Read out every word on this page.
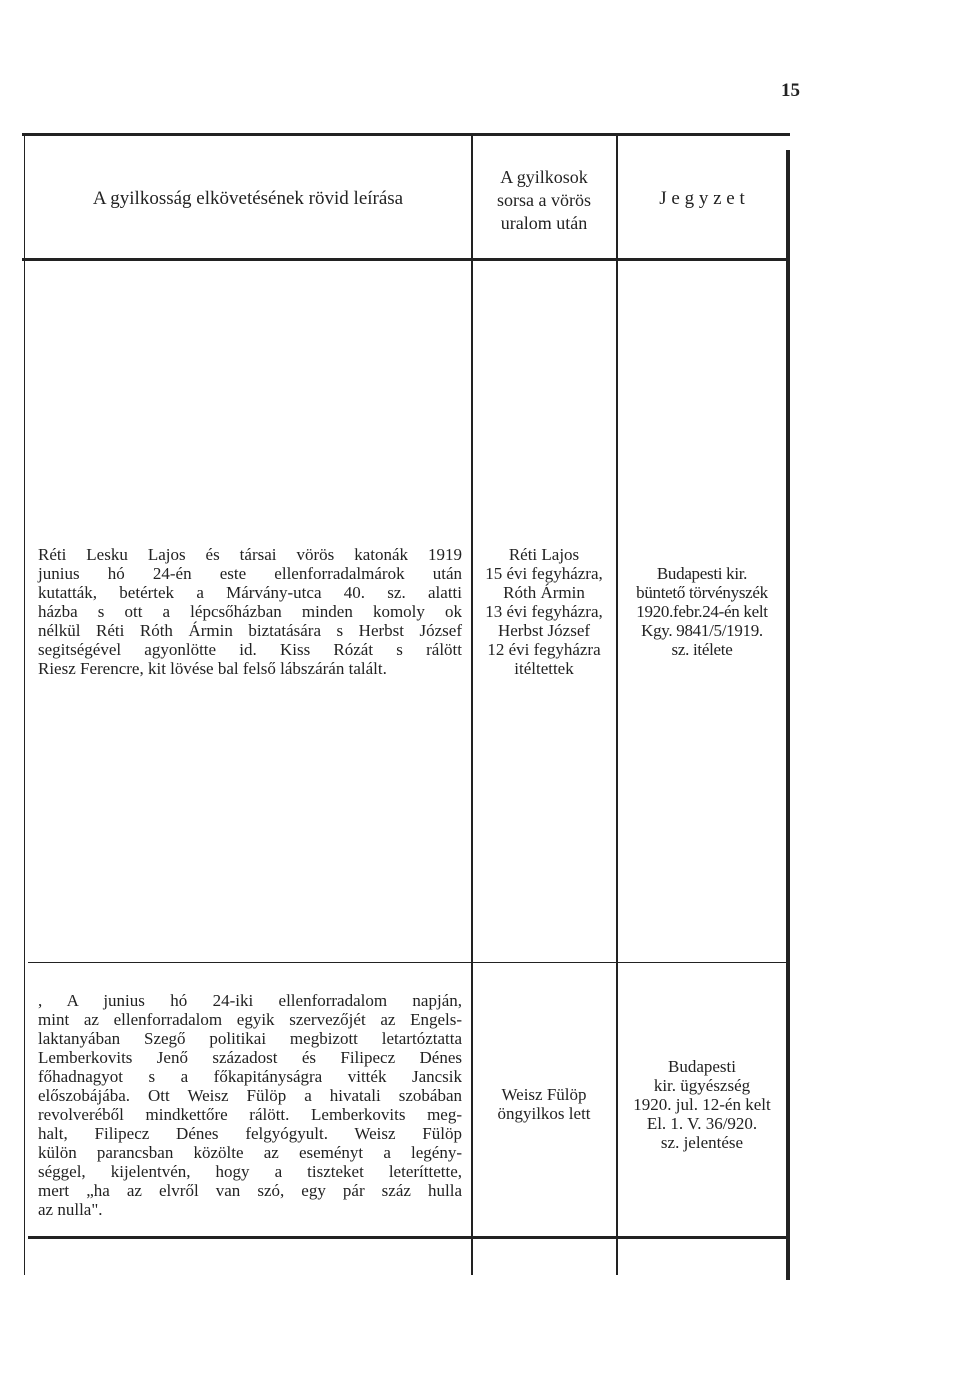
15
A gyilkosság elkövetésének rövid leírása
A gyilkosok
sorsa a vörös
uralom után
J e g y z e t
Réti Lesku Lajos és társai vörös katonák 1919
junius hó 24-én este ellenforradalmárok után
kutatták, betértek a Márvány-utca 40. sz. alatti
házba s ott a lépcsőházban minden komoly ok
nélkül Réti Róth Ármin biztatására s Herbst József
segitségével agyonlötte id. Kiss Rózát s rálött
Riesz Ferencre, kit lövése bal felső lábszárán talált.
Réti Lajos
15 évi fegyházra,
Róth Ármin
13 évi fegyházra,
Herbst József
12 évi fegyházra
itéltettek
Budapesti kir.
büntető törvényszék
1920.febr.24-én kelt
Kgy. 9841/5/1919.
sz. itélete
, A junius hó 24-iki ellenforradalom napján,
mint az ellenforradalom egyik szervezőjét az Engels-
laktanyában Szegő politikai megbizott letartóztatta
Lemberkovits Jenő századost és Filipecz Dénes
főhadnagyot s a főkapitányságra vitték Jancsik
előszobájába. Ott Weisz Fülöp a hivatali szobában
revolveréből mindkettőre rálött. Lemberkovits meg-
halt, Filipecz Dénes felgyógyult. Weisz Fülöp
külön parancsban közölte az eseményt a legény-
séggel, kijelentvén, hogy a tiszteket leteríttette,
mert „ha az elvről van szó, egy pár száz hulla
az nulla".
Weisz Fülöp
öngyilkos lett
Budapesti
kir. ügyészség
1920. jul. 12-én kelt
El. 1. V. 36/920.
sz. jelentése
